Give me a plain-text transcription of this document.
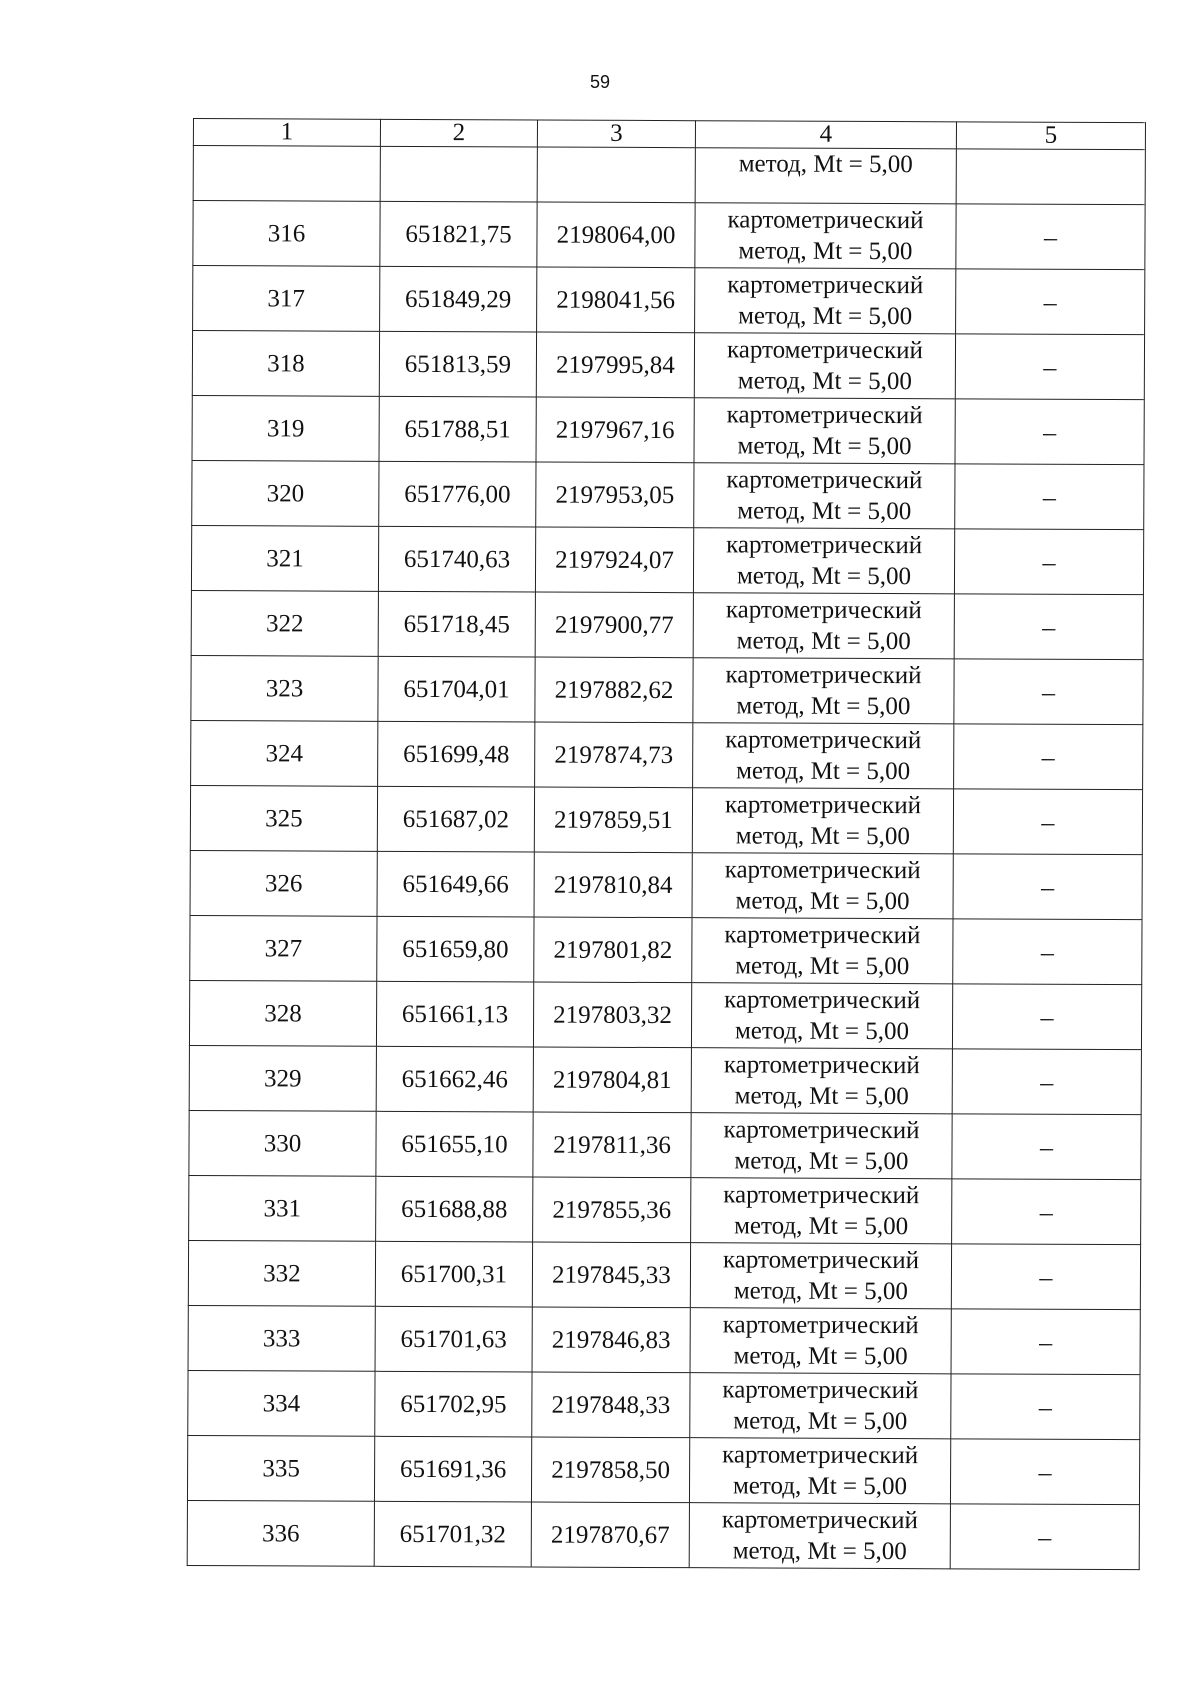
59
1	2	3	4	5
			метод, Mt = 5,00	
316	651821,75	2198064,00	картометрический
метод, Mt = 5,00	–
317	651849,29	2198041,56	картометрический
метод, Mt = 5,00	–
318	651813,59	2197995,84	картометрический
метод, Mt = 5,00	–
319	651788,51	2197967,16	картометрический
метод, Mt = 5,00	–
320	651776,00	2197953,05	картометрический
метод, Mt = 5,00	–
321	651740,63	2197924,07	картометрический
метод, Mt = 5,00	–
322	651718,45	2197900,77	картометрический
метод, Mt = 5,00	–
323	651704,01	2197882,62	картометрический
метод, Mt = 5,00	–
324	651699,48	2197874,73	картометрический
метод, Mt = 5,00	–
325	651687,02	2197859,51	картометрический
метод, Mt = 5,00	–
326	651649,66	2197810,84	картометрический
метод, Mt = 5,00	–
327	651659,80	2197801,82	картометрический
метод, Mt = 5,00	–
328	651661,13	2197803,32	картометрический
метод, Mt = 5,00	–
329	651662,46	2197804,81	картометрический
метод, Mt = 5,00	–
330	651655,10	2197811,36	картометрический
метод, Mt = 5,00	–
331	651688,88	2197855,36	картометрический
метод, Mt = 5,00	–
332	651700,31	2197845,33	картометрический
метод, Mt = 5,00	–
333	651701,63	2197846,83	картометрический
метод, Mt = 5,00	–
334	651702,95	2197848,33	картометрический
метод, Mt = 5,00	–
335	651691,36	2197858,50	картометрический
метод, Mt = 5,00	–
336	651701,32	2197870,67	картометрический
метод, Mt = 5,00	–
